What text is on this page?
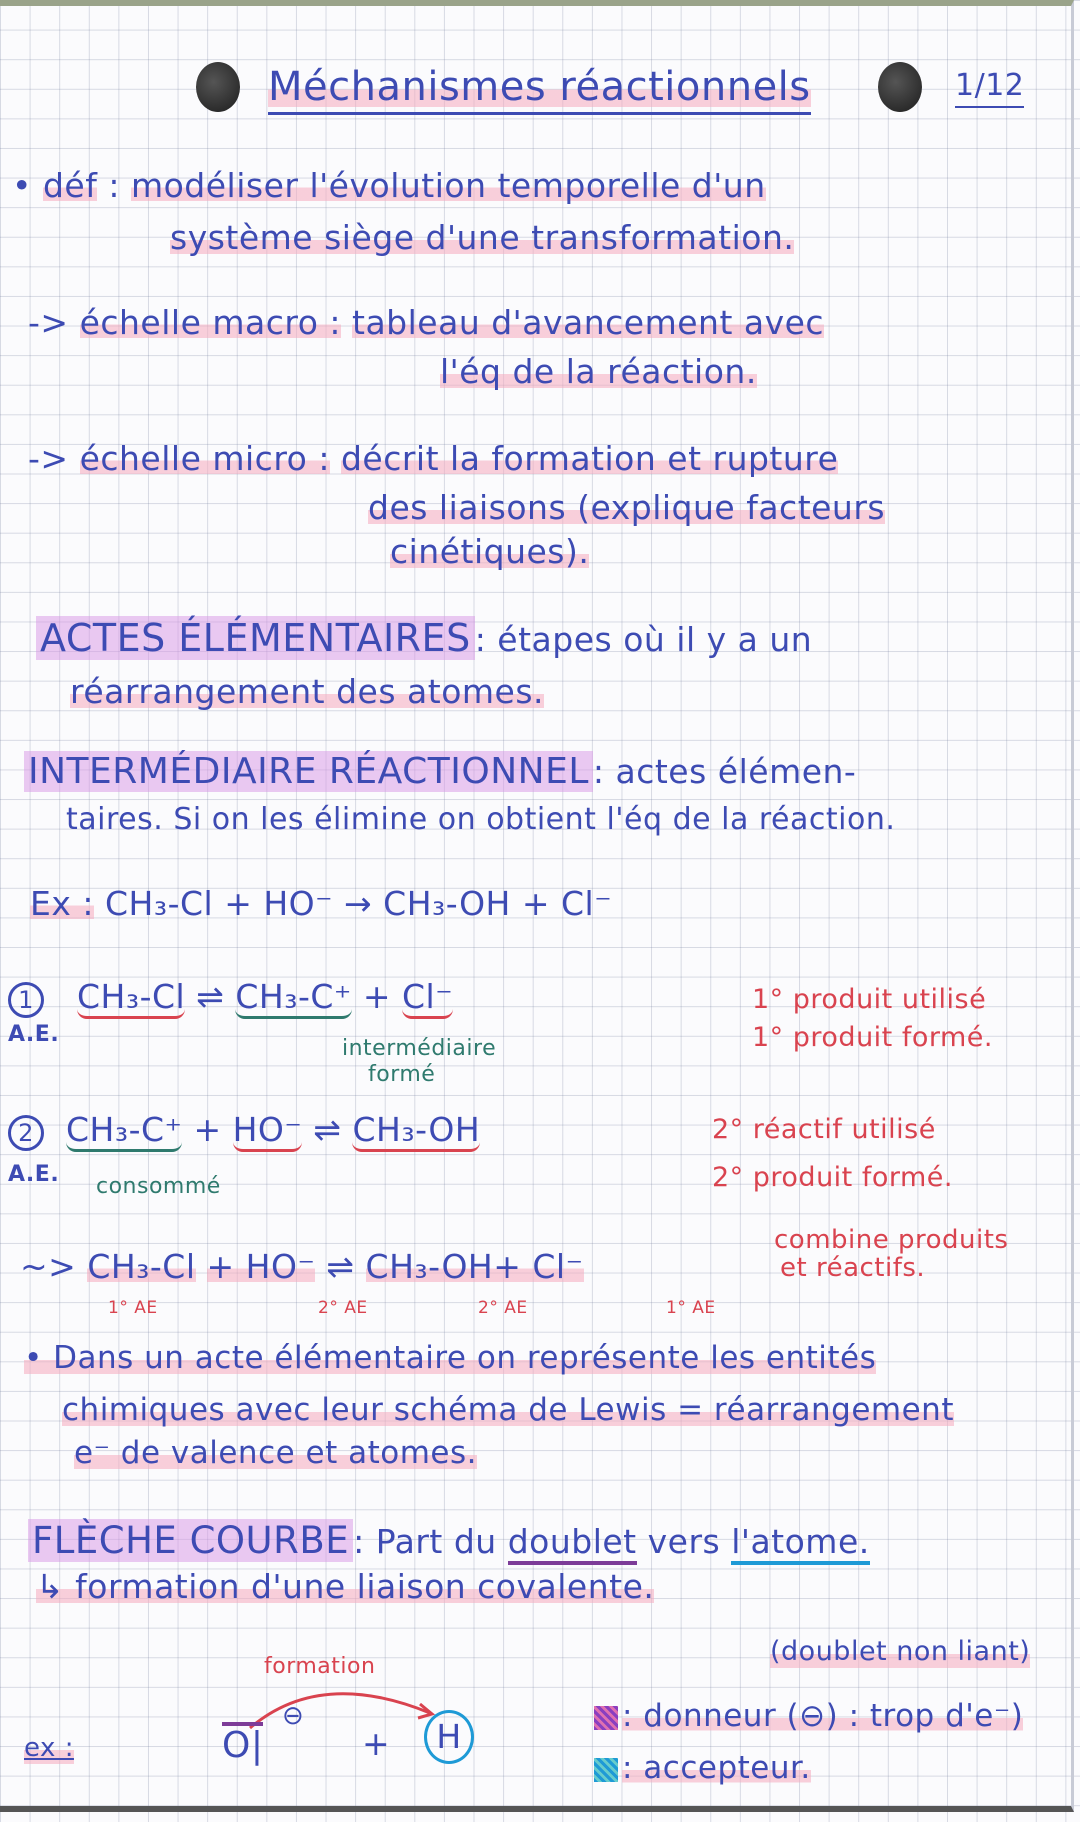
Méchanismes réactionnels	1/12
• déf : modéliser l'évolution temporelle d'un
système siège d'une transformation.
-> échelle macro : tableau d'avancement avec
l'éq de la réaction.
-> échelle micro : décrit la formation et rupture
des liaisons (explique facteurs
cinétiques).
ACTES ÉLÉMENTAIRES : étapes où il y a un
réarrangement des atomes.
INTERMÉDIAIRE RÉACTIONNEL : actes élémen-
taires. Si on les élimine on obtient l'éq de la réaction.
Ex : CH₃-Cl + HO⁻ → CH₃-OH + Cl⁻
1 CH₃-Cl ⇌ CH₃-C⁺ + Cl⁻
A.E.
intermédiaire
formé
1° produit utilisé
1° produit formé.
2 CH₃-C⁺ + HO⁻ ⇌ CH₃-OH
A.E. consommé
2° réactif utilisé
2° produit formé.
~> CH₃-Cl + HO⁻ ⇌ CH₃-OH+ Cl⁻
1° AE	2° AE	2° AE	1° AE
combine produits
et réactifs.
• Dans un acte élémentaire on représente les entités
chimiques avec leur schéma de Lewis = réarrangement
e⁻ de valence et atomes.
FLÈCHE COURBE : Part du doublet vers l'atome.
↳ formation d'une liaison covalente.
(doublet non liant)
formation
ex :	O|
⊖
+	H
: donneur (⊖) : trop d'e⁻)
: accepteur.
